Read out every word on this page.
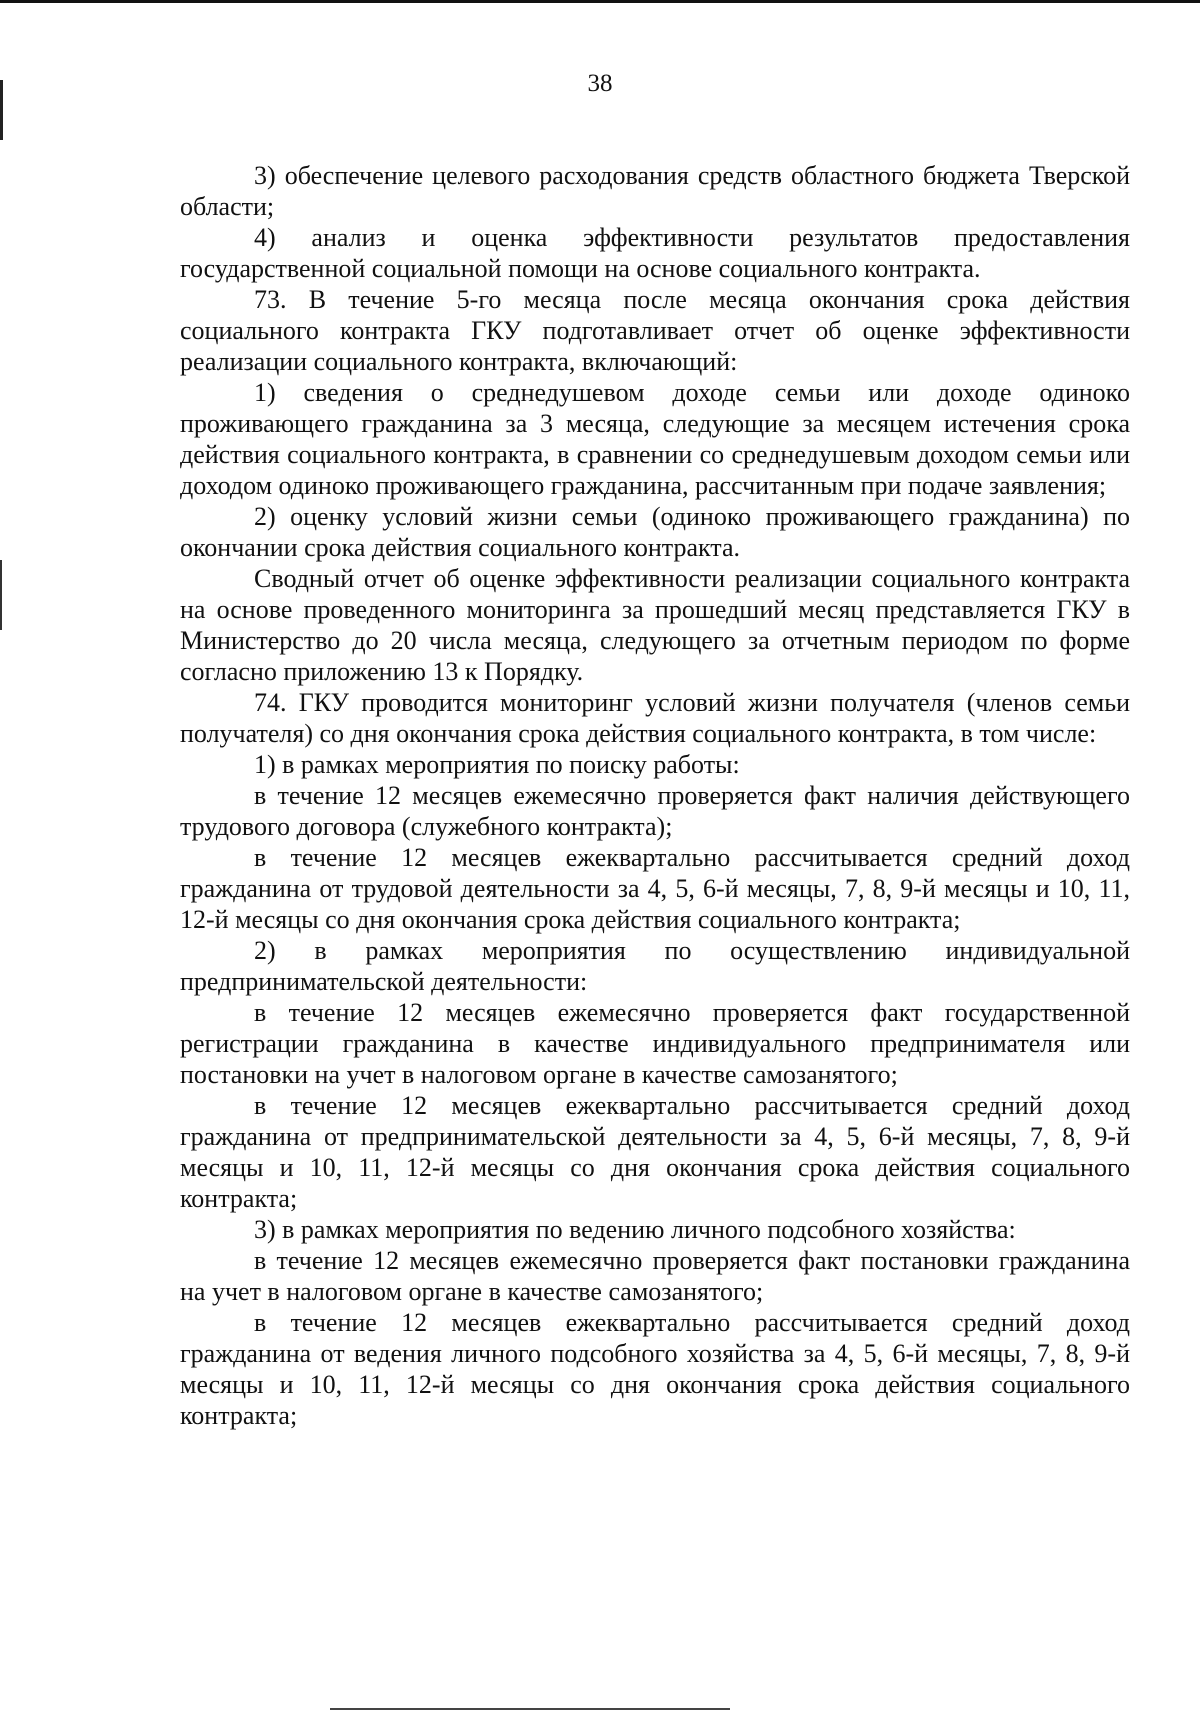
38

3) обеспечение целевого расходования средств областного бюджета Тверской области;

4) анализ и оценка эффективности результатов предоставления государственной социальной помощи на основе социального контракта.

73. В течение 5-го месяца после месяца окончания срока действия социального контракта ГКУ подготавливает отчет об оценке эффективности реализации социального контракта, включающий:

1) сведения о среднедушевом доходе семьи или доходе одиноко проживающего гражданина за 3 месяца, следующие за месяцем истечения срока действия социального контракта, в сравнении со среднедушевым доходом семьи или доходом одиноко проживающего гражданина, рассчитанным при подаче заявления;

2) оценку условий жизни семьи (одиноко проживающего гражданина) по окончании срока действия социального контракта.

Сводный отчет об оценке эффективности реализации социального контракта на основе проведенного мониторинга за прошедший месяц представляется ГКУ в Министерство до 20 числа месяца, следующего за отчетным периодом по форме согласно приложению 13 к Порядку.

74. ГКУ проводится мониторинг условий жизни получателя (членов семьи получателя) со дня окончания срока действия социального контракта, в том числе:

1) в рамках мероприятия по поиску работы:

в течение 12 месяцев ежемесячно проверяется факт наличия действующего трудового договора (служебного контракта);

в течение 12 месяцев ежеквартально рассчитывается средний доход гражданина от трудовой деятельности за 4, 5, 6-й месяцы, 7, 8, 9-й месяцы и 10, 11, 12-й месяцы со дня окончания срока действия социального контракта;

2) в рамках мероприятия по осуществлению индивидуальной предпринимательской деятельности:

в течение 12 месяцев ежемесячно проверяется факт государственной регистрации гражданина в качестве индивидуального предпринимателя или постановки на учет в налоговом органе в качестве самозанятого;

в течение 12 месяцев ежеквартально рассчитывается средний доход гражданина от предпринимательской деятельности за 4, 5, 6-й месяцы, 7, 8, 9-й месяцы и 10, 11, 12-й месяцы со дня окончания срока действия социального контракта;

3) в рамках мероприятия по ведению личного подсобного хозяйства:

в течение 12 месяцев ежемесячно проверяется факт постановки гражданина на учет в налоговом органе в качестве самозанятого;

в течение 12 месяцев ежеквартально рассчитывается средний доход гражданина от ведения личного подсобного хозяйства за 4, 5, 6-й месяцы, 7, 8, 9-й месяцы и 10, 11, 12-й месяцы со дня окончания срока действия социального контракта;
